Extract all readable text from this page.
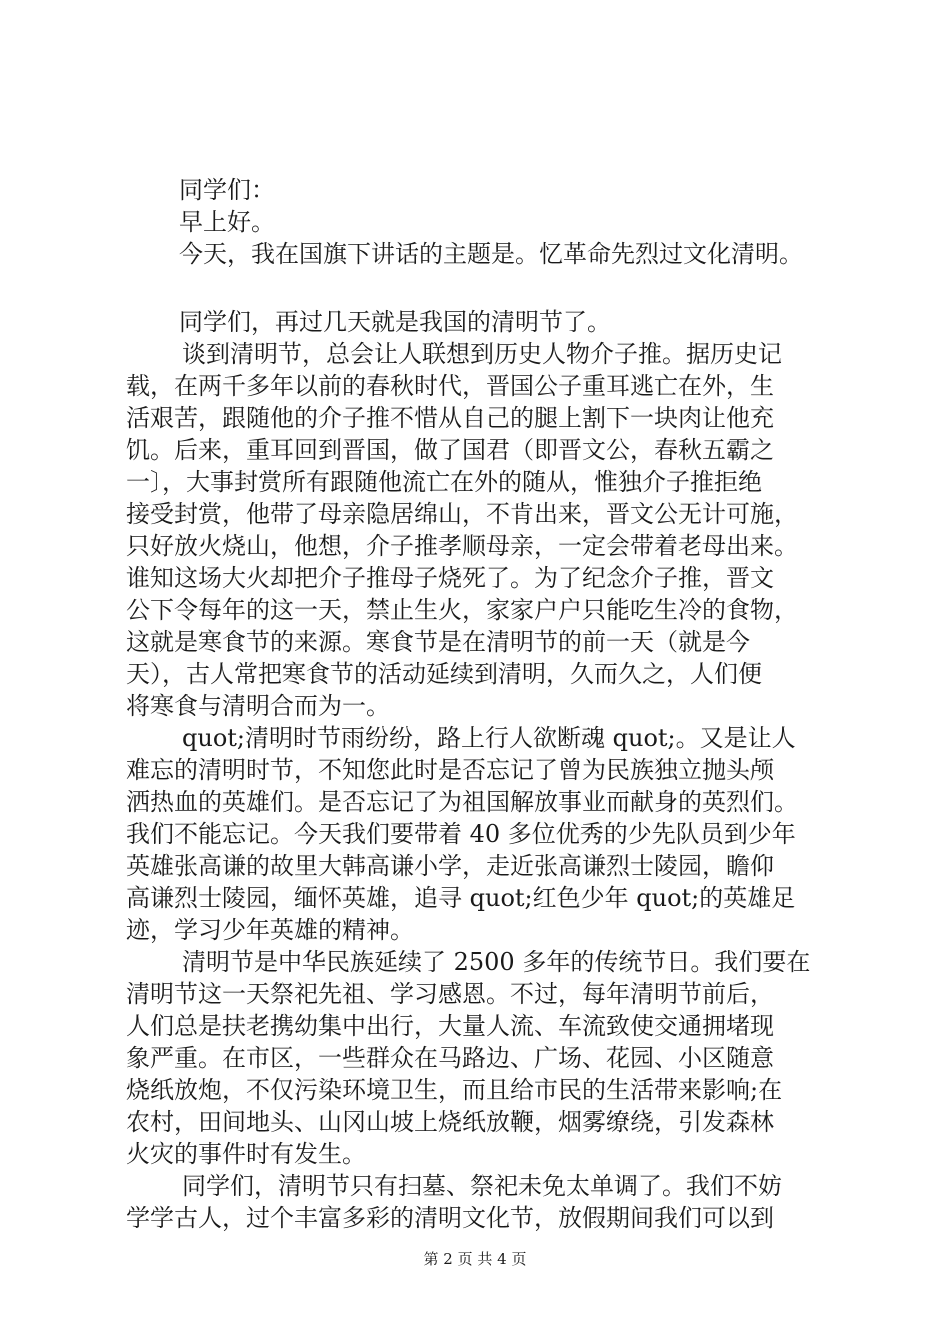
同学们：
早上好。
今天，我在国旗下讲话的主题是。忆革命先烈过文化清明。
同学们，再过几天就是我国的清明节了。
谈到清明节，总会让人联想到历史人物介子推。据历史记
载，在两千多年以前的春秋时代，晋国公子重耳逃亡在外，生
活艰苦，跟随他的介子推不惜从自己的腿上割下一块肉让他充
饥。后来，重耳回到晋国，做了国君（即晋文公，春秋五霸之
一〕，大事封赏所有跟随他流亡在外的随从，惟独介子推拒绝
接受封赏，他带了母亲隐居绵山，不肯出来，晋文公无计可施，
只好放火烧山，他想，介子推孝顺母亲，一定会带着老母出来。
谁知这场大火却把介子推母子烧死了。为了纪念介子推，晋文
公下令每年的这一天，禁止生火，家家户户只能吃生冷的食物，
这就是寒食节的来源。寒食节是在清明节的前一天（就是今
天），古人常把寒食节的活动延续到清明，久而久之，人们便
将寒食与清明合而为一。
quot;清明时节雨纷纷，路上行人欲断魂 quot;。又是让人
难忘的清明时节，不知您此时是否忘记了曾为民族独立抛头颅
洒热血的英雄们。是否忘记了为祖国解放事业而献身的英烈们。
我们不能忘记。今天我们要带着 40 多位优秀的少先队员到少年
英雄张高谦的故里大韩高谦小学，走近张高谦烈士陵园，瞻仰
高谦烈士陵园，缅怀英雄，追寻 quot;红色少年 quot;的英雄足
迹，学习少年英雄的精神。
清明节是中华民族延续了 2500 多年的传统节日。我们要在
清明节这一天祭祀先祖、学习感恩。不过，每年清明节前后，
人们总是扶老携幼集中出行，大量人流、车流致使交通拥堵现
象严重。在市区，一些群众在马路边、广场、花园、小区随意
烧纸放炮，不仅污染环境卫生，而且给市民的生活带来影响;在
农村，田间地头、山冈山坡上烧纸放鞭，烟雾缭绕，引发森林
火灾的事件时有发生。
同学们，清明节只有扫墓、祭祀未免太单调了。我们不妨
学学古人，过个丰富多彩的清明文化节，放假期间我们可以到
第 2 页 共 4 页
